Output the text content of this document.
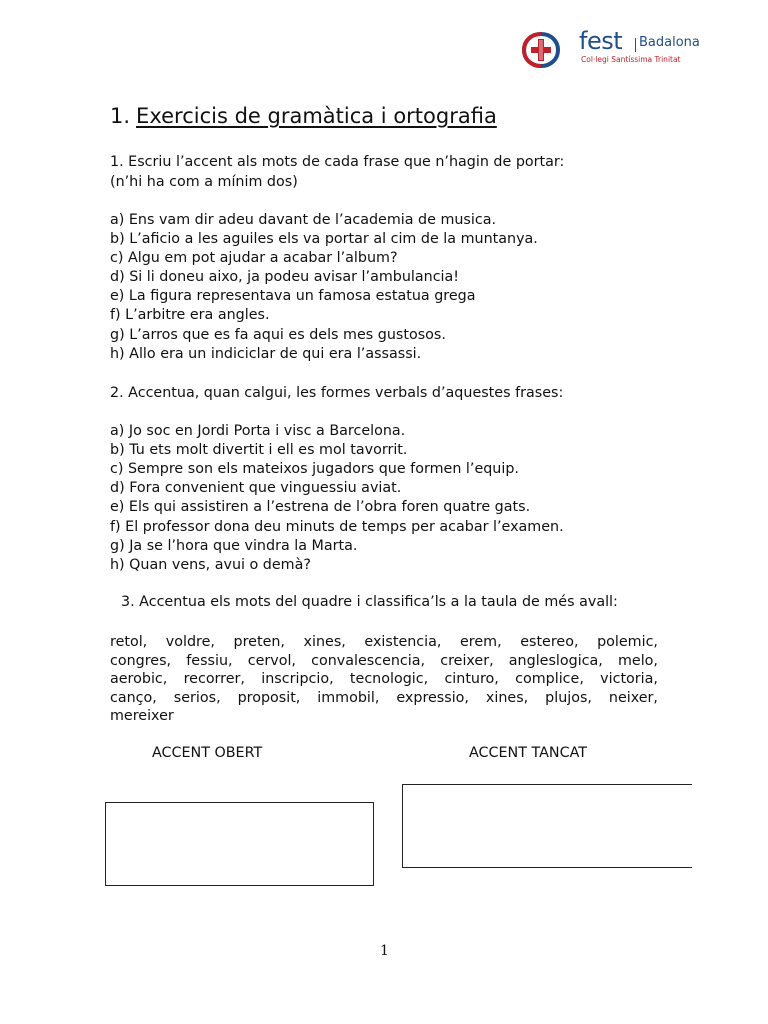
fest Badalona
Col·legi Santíssima Trinitat
1. Exercicis de gramàtica i ortografia
1. Escriu l’accent als mots de cada frase que n’hagin de portar:
(n’hi ha com a mínim dos)
a) Ens vam dir adeu davant de l’academia de musica.
b) L’aficio a les aguiles els va portar al cim de la muntanya.
c) Algu em pot ajudar a acabar l’album?
d) Si li doneu aixo, ja podeu avisar l’ambulancia!
e) La figura representava un famosa estatua grega
f) L’arbitre era angles.
g) L’arros que es fa aqui es dels mes gustosos.
h) Allo era un indiciclar de qui era l’assassi.
2. Accentua, quan calgui, les formes verbals d’aquestes frases:
a) Jo soc en Jordi Porta i visc a Barcelona.
b) Tu ets molt divertit i ell es mol tavorrit.
c) Sempre son els mateixos jugadors que formen l’equip.
d) Fora convenient que vinguessiu aviat.
e) Els qui assistiren a l’estrena de l’obra foren quatre gats.
f) El professor dona deu minuts de temps per acabar l’examen.
g) Ja se l’hora que vindra la Marta.
h) Quan vens, avui o demà?
3. Accentua els mots del quadre i classifica’ls a la taula de més avall:
retol, voldre, preten, xines, existencia, erem, estereo, polemic,
congres, fessiu, cervol, convalescencia, creixer, angleslogica, melo,
aerobic, recorrer, inscripcio, tecnologic, cinturo, complice, victoria,
canço, serios, proposit, immobil, expressio, xines, plujos, neixer,
mereixer
ACCENT OBERT	ACCENT TANCAT
1
